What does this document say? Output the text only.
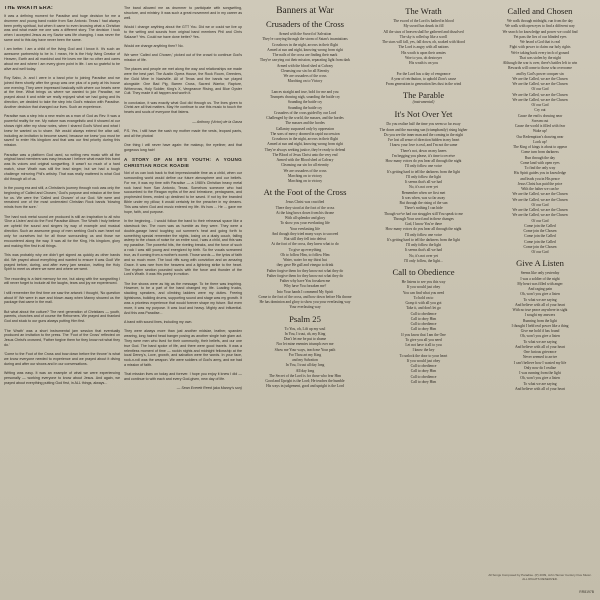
THE WRATH ERA:

It was a defining moment for Paradise and huge decision for me a drummer and young band rookie from San Antonio. Texas I had always been pretty spiritual, but when it came to even knowing what a Christian was and what made me one was a different story. The decision I took when I accepted Jesus as my Savior was life changing. I was never the same and to this day have never been the same.

I am better. I am a child of the living God and I know it. It's such an awesome partnership to be in. I mean, He is the Holy living Creator of Heaven, Earth and all mankind and He loves me like no other and cares about me and where I am every given point in life. I am so grateful to be alive and well today.

Roy Sabo, Jr. and I were in a band prior to joining Paradise and we joined them shortly after the group was one plus of a party at his house one evening. They were impressed basically with where our hearts were at the time. What brings us where we wanted to join Paradise, we prayed about it and while we really enjoyed what we had going and its direction, we decided to take the step into God's mission with Paradise. Another decision that changed our lives. Such an experience.

Paradise was a step into a new realm as a man of God as Rev. It was a powerful reality for me. My nature was evangelistic and it showed at our shows right after my show notes, when I shared God's Word and what I knew he wanted us to share. We would always extend the altar call, including an invitation to become saved, because we knew 'you must be saved' to enter His kingdom and that was our first priority during this mission.

Paradise was a platform God used, so writing new music with all the original band members was easy because I believe what made this band was its voices and original songwriting. It wasn't so much of a hard match, since Wrath was still the lead singer, but we had a tough challenge mirroring Phil's artistry. That was really mattered is what God did through all of us.

In the young era and still, a Christian's journey through rock was only the beginning of 'Called and Chosen,' God's purpose and mission at the time for us. We were the 'Called and Chosen' of our God. We were and remained one of the most underrated Christian Rock bands 'blowing minds from the sore.'

The hard rock metal sound we produced is still an inspiration to all who 'Give a Listen' and do the Ford Paradise Album. The Wrath I truly believe we upheld the sound and singers by way of example and musical direction. Such an awesome group of men seeking God's own heart not only for ourselves but for all those surrounding us and those we encountered along the way. It was all for the King, His kingdom, glory and making Him first in all things.

This was probably why we didn't get signed as quickly as other bands did. We prayed about everything and wanted to ensure it was God! We prayed before, during, and after every jam session, inviting the Holy Spirit to meet us where we were and where we went.

The recording is a faint memory for me, but along with the songwriting I will never forget to include all the laughs, tears and joy we experienced.

I still remember the first time we saw the artwork I thought, 'No question about it!' We were in awe and blown away when Manny showed us the package that came in the mail.

But what about the culture? The next generation of Christians — youth, parents, churches and of course the Reborners. We prayed and thanked God and stuck to our guns always putting Him first.

'The Wrath' was a short instrumental jam session that eventually produced an invitation to the press. The 'Foot of the Cross' reflected on Jesus Christ's crowned, 'Father forgive them for they know not what they do.'

'Come to the Foot of the Cross and bow down before the throne' is what we know everyone needed to experience and we prayed about it diving during and after our shows and in our conversations.

Writing was easy. It was an example of what we were experiencing personally — working everyone to know about Jesus. And again, we prayed about everything putting God first, in ALL things, always...

The band allowed me as drummer to participate with songwriting, structure, and ministry. It was such a great movement and in my career as well.

Would I change anything about the GTT You. Did we or could we live up to the writing and sounds from original band members Phil and Chris Salazar? Yes. Could we have done better? Yes.

Would we change anything then? No.

We were 'Called and Chosen,' picked out of the crowd to continue God's mission of life.

The places and people we met along the way and relationships we made were the best part. The Austin Opera House, the Rock Room, Greeders, the Gold Mine in Nashville. All of Texas and the bands we played alongside: One Bad Pig, Barren Cross, Sacred Warrior, Rapture, Writercross, Holy Soldier, King's X, Vengeance Rising, and Blue Oyster Cult. They made it all happen and worth it.

In conclusion, it was exactly what God did through us. The lives given to Christ are all that matters. May He continue to use this music to touch the hearts and souls of everyone that listens.

— Anthony (Victor) de la Garza

P.S. Yes, I still have the sash my mother made the vests, leopard pants, and all the photos!

One thing I will never have again: the makeup, the eyeliner, and that gorgeous long hair!

A STORY OF AN 80'S YOUTH: A YOUNG CHRISTIAN ROCK ROADIE

Not of us can look back to that impressionable time as a child, when our surrounding world would define our future atmosphere and our beliefs. For me, it was my time with Paradise — a 1980's Christian heavy metal rock band from San Antonio, Texas. Somehow someone who had succumbed to the Reagan myths of fire and brimstone, pentagrams, and prophesied times, ended up destined to be saved. If not by the branded Bible under my pillow, it would certainly be the preacher in my dreams. This was when God and music entered my life. It's how ... He ... gave me hope, faith, and purpose.

In the beginning... I would follow the band to their rehearsal space like a starstruck fan. The room was as humble as they were. They were a double-garage band toughing out summer's heat and going forth to something special remember the nights, losing on a dusty couch, falling asleep to the chaos of noise for an entire soul, I was a child, and this was my paradise. The powerful hits, the riveting breaks, and the force of such a rock I was still young and energized by birth. So the vocals screamed true, as if coming from a mother's womb. Those words — the lyrics of faith and so much more. The loud riffs sung with conviction and an amazing Grace. It was rare from the heavens and a lightning strike to the heart. The rhythm section pounded souls with the force and thunder of the Lord's Wrath. It was His poetry in motion.

The live shows were as big as the message. To be there was inspiring. However, to be a part of the band changed my life. Loading trucks, stacking speakers, and climbing ladders were my duties. Freeing lightshows, building drums, supporting sound and stage was my growth. It was a priceless experience that would forever shape my future. But even more, it was my purpose. It was loud and heavy. Mighty and influential. And this was Paradise...

A band with sound lines, including my own.

They were always more than just another midsize, leather, spandex wearing, long haired head banger posing as another single hair glam act. They were men who lived for their community, their beliefs, and our one true God. The band spoke of life, and there were good travels. It was a relentless moment of time — rockin nights and midnight fellowship at the local Denny's, Love, growth, and salvation were the words. In your face, rock-n-roll was the weapon. We were soldiers of God's army, and we had a mission of faith.

That mission lives on today and forever. I hope you enjoy it knew I did — and continue to with each and every God-given, new day of life.

— Sean Everett Reed (aka Manny's son)

Banners at War
Crusaders of the Cross
Armed with the Sword of Salvation
They're carrying through the storm of Satan's incantations
Crossbows in the night, arrows in their flight
Armed at sun and night, knowing wrong from right
The nails of the cross are finding their mark
They're carrying out their mission, separating light from dark
Armed with the blood shed at Calvary
Cleansing our sin for all Eternity
We are crusaders of the cross
Marching on to Victory

Lances straight and true, bold for me and you
Trumpets drawing nigh, sounding the battle cry
Sounding the battle cry
Sounding the battle cry
Crusaders of the cross guided by our Lord
Challenged by the world, the masses, and the hordes
The masses and the hordes
Gallantry surpassed only by oppression
The sons of mercy doomed in rapid succession
Crossbows in the night, arrows in their flight
Armed at sun and night, knowing wrong from right
They're always seeking justice, they're ready to defend
The Blood of Jesus Christ unto the very end
Armed with the Blood shed at Calvary
Cleansing our sin for all eternity
We are crusaders of the cross
Marching on to victory
Marching on to victory
At the Foot of the Cross
Jesus Christ was crucified
There they stood at the foot of the cross
At the king bows down from his throne
With all splendor and glory
To show you your everlasting life
Your everlasting life
And though they tried many ways to succeed
But still they fell into defeat
At the foot of the cross, they knew what to do
To give up everything
Oh to follow Him, to follow Him
Water, water for my thirst hut
they gave He gall and vinegar to drink
Father forgive them for they know not what they do
Father forgive them for they know not what they do
Father why have You forsaken me
Why have You forsaken me?
Into Your hands I commend My Spirit
Come to the foot of the cross, and bow down before His throne
He has dominion and glory to show you your everlasting way
Your everlasting way
Psalm 25
To You, oh, Lift up my soul
In You, I trust, oh, my King
Don't let me be put to shame
Nor let mine enemies triumph over me
Show me Your ways, teach me Your path
For Thou art my King
and my Salvation
In You, I trust all day long
All day long
The Secret of the Lord is for those who fear Him
Good and Upright is the Lord; He teaches the humble
His ways in judgement, good and upright is the Lord
The Wrath
The sword of the Lord is bathed in blood
My sword has drunk its fill
All the stars of heaven shall be gathered and dissolved
The sky is rolled up like a scroll
The stars will fall, yes, fall down, oh, soaked with blood
The Lord is angry with all nations
His wrath is upon their armies
Woe to you, oh destroyer
His wrath is on you

For the Lord has a day of vengeance
A year of retribution, to uphold Zion's cause
From generation to generation lies dust in the wind
The Parable
(instrumental)
It's Not Over Yet
Do you realize half the time you seem so far away
The dawn and the morning sun (triumphantly) rising higher
Do you see the inner man and the coming in the night
I've lost all sense of direction hidden in my heart
I know your love is real, and I'm not the same
There's not, down on my knees
I'm begging you please, it's time to receive
How many voices do you hear all through the night
I'll only follow one voice
It's getting hard to tell the darkness from the light
I'll only follow the light
It seems that's all we had
No, it's not over yet
Remember when we first met
It was when, was so far away
But through the rising of the sun
There's nothing I can hide
Though we've had our struggles still You speak to me
Through Your word and in these changes
God, I know You're there
How many voices do you hear all through the night
I'll only follow one voice
It's getting hard to tell the darkness from the light
I'll only follow the light
It seems that's all we had
No, it's not over yet
I'll only follow, the light...
Call to Obedience
He listens to see you this way
If you would just obey
You can find what you need
To hold on to
Grasp it with all you got
Take it, and don't let go
Call to obedience
Call to obey Him
Call to obedience
Call to obey Him
If you know that I am the One
To give you all you need
Let not have it all to you
I know the key
To unlock the door to your heart
If you would just obey
Call to obedience
Call to obey Him
Call to obedience
Call to obey Him
Called and Chosen
We walk through midnight, run from the day
We walk with open eyes to find a different way
We search for knowledge and power we could find
Yet pass the lies of our blinded eyes
We heard a God that is real
Fight with power to claim our holy rights
We're taking back every inch of ground
That was stolen by the night
Although the war is over, there's battles left to win
Rewards will come to those who overcome
and by God's power conquer sin
We are the Called, we are the Chosen
We are the Called, we are the Chosen
Of our God
We are the Called, we are the Chosen
We are the Called, we are the Chosen
Of our God
Cry out
Cause the end is drawing near
Scream out
Cause the world is filled with fear
Wake up!
Our Redemption's drawing near
Look up!
The King of kings is about to appear
Come turn from darkness
Run through the day
Come land with open eyes
To find the only way
His Spirit guides you in knowledge
and leads you in His peace
Jesus Christ has paid the price
With the father we can be
We are the Called, we are the Chosen
We are the Called, we are the Chosen
Of our God
We are the Called, we are the Chosen
We are the Called, we are the Chosen
Of our God
Come join the Called
Come join the Chosen
Come join the Called
Come join the Called
Come join the Chosen
Of our God
Give A Listen
Seems like only yesterday
I was a soldier of the night
My heart was filled with anger
And raging pain
Oh, won't you give a listen
To what we are saying
And believe with all of your heart
With no true peace anywhere in sight
I sought my answers
Running from the light
I thought I held real power like a thing
Give me hold if has found
Oh, won't you give a listen
To what we are saying
And believe with all of your heart
One furious grievance
Never seemed to arrive
I can't believe how I wasted my life
Only now do I realize
I was running from the light
Oh, won't you give a listen
To what we are saying
And believe with all of your heart
All Songs Composed by Paradise. (P) 2009, John Tanner Century Five Music. ALL RIGHTS RESERVED.
RR8197B
